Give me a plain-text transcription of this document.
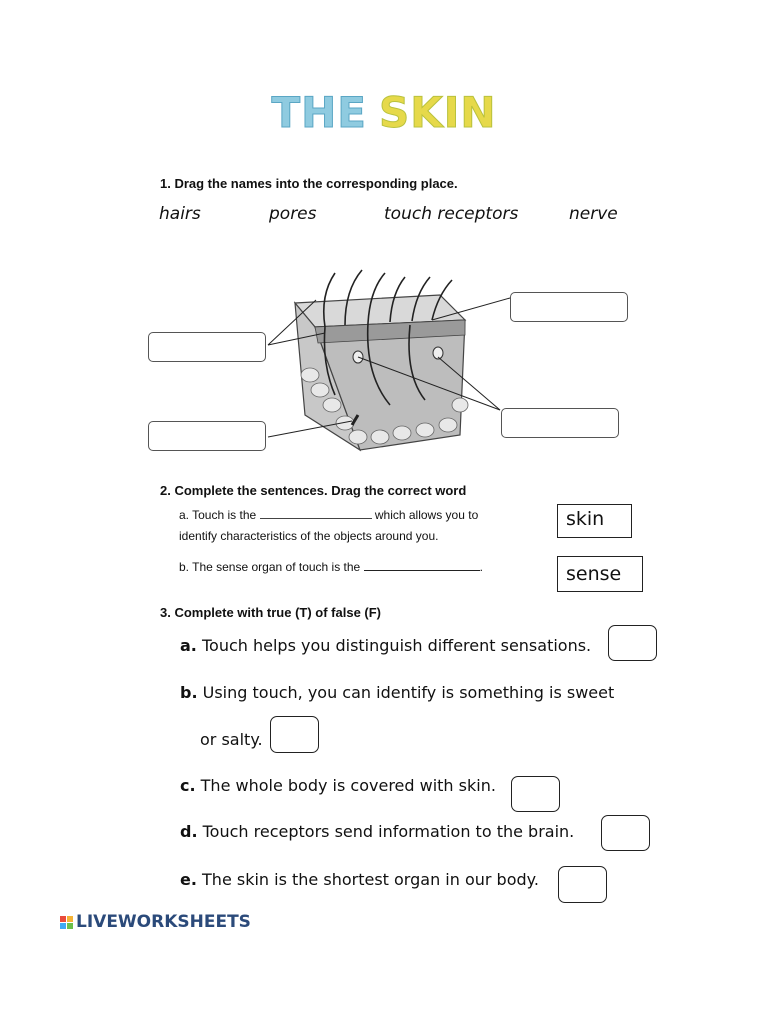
THE SKIN
1. Drag the names into the corresponding place.
hairs	pores	touch receptors	nerve
2. Complete the sentences. Drag the correct word
a. Touch is the	which allows you to
identify characteristics of the objects around you.
b. The sense organ of touch is the	.
skin
sense
3. Complete with true (T) of false (F)
a. Touch helps you distinguish different sensations.
b. Using touch, you can identify is something is sweet
or salty.
c. The whole body is covered with skin.
d. Touch receptors send information to the brain.
e. The skin is the shortest organ in our body.
LIVEWORKSHEETS
